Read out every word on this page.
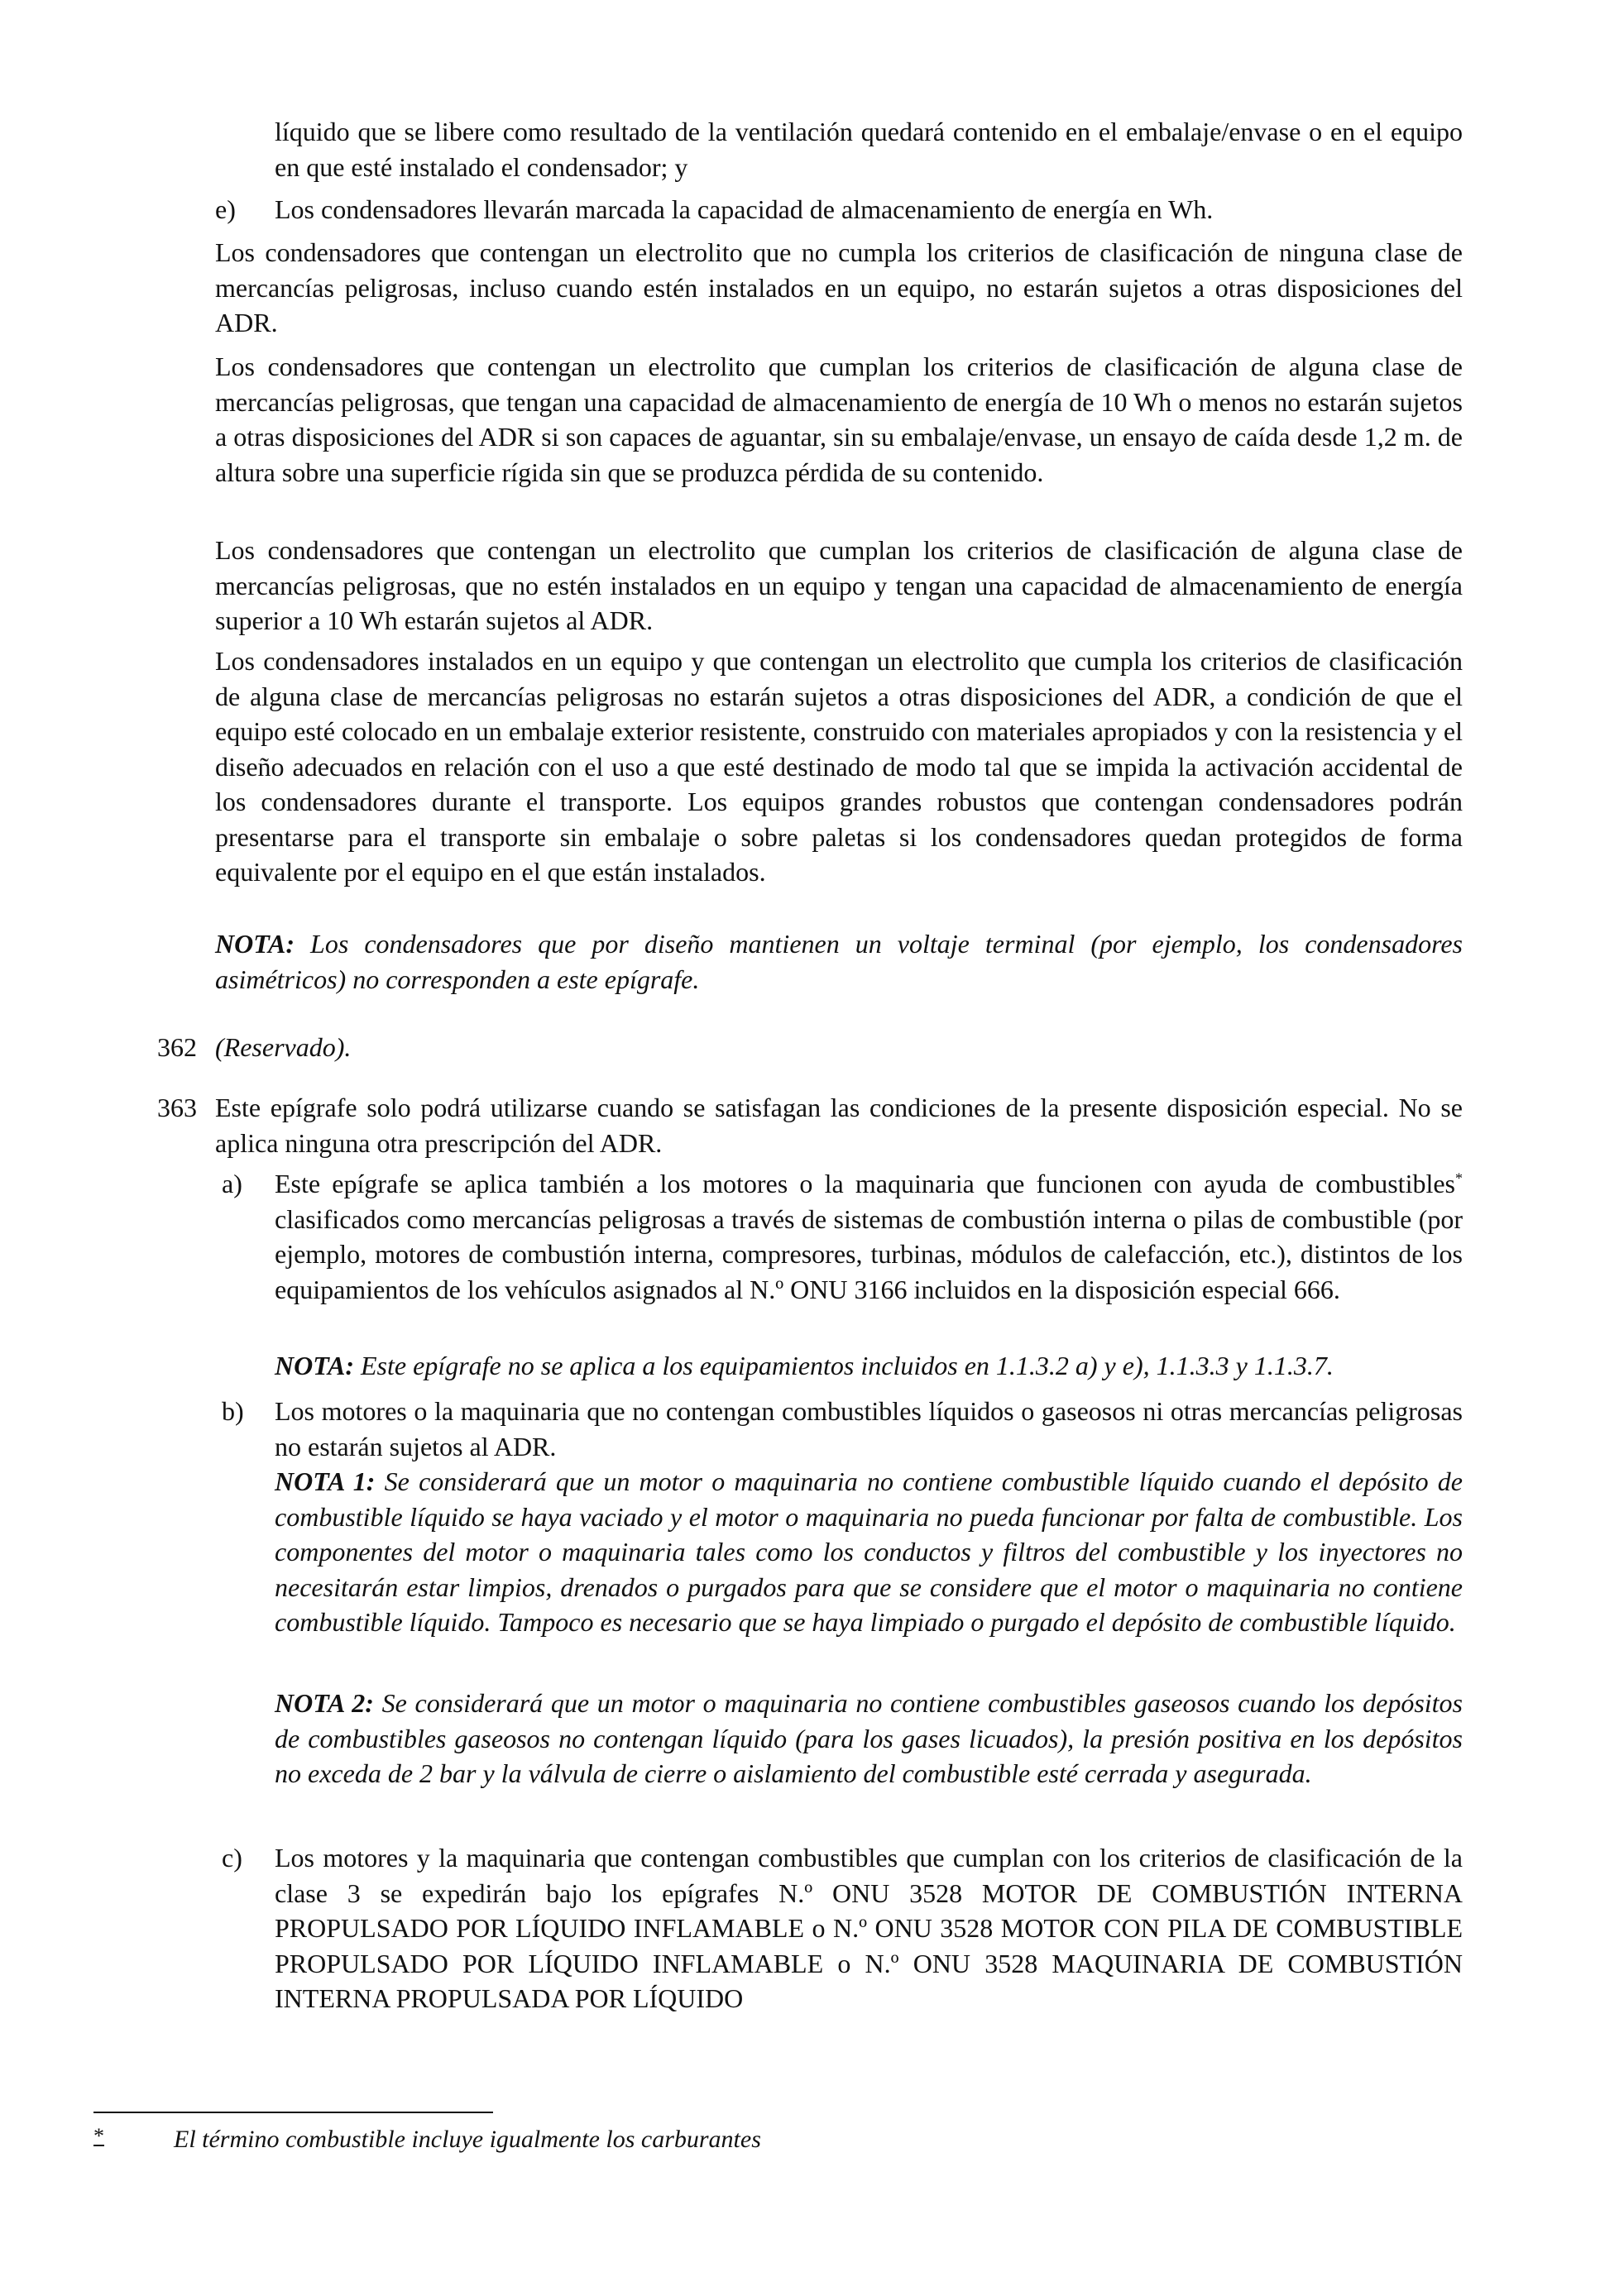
líquido que se libere como resultado de la ventilación quedará contenido en el embalaje/envase o en el equipo en que esté instalado el condensador; y

e) Los condensadores llevarán marcada la capacidad de almacenamiento de energía en Wh.

Los condensadores que contengan un electrolito que no cumpla los criterios de clasificación de ninguna clase de mercancías peligrosas, incluso cuando estén instalados en un equipo, no estarán sujetos a otras disposiciones del ADR.

Los condensadores que contengan un electrolito que cumplan los criterios de clasificación de alguna clase de mercancías peligrosas, que tengan una capacidad de almacenamiento de energía de 10 Wh o menos no estarán sujetos a otras disposiciones del ADR si son capaces de aguantar, sin su embalaje/envase, un ensayo de caída desde 1,2 m. de altura sobre una superficie rígida sin que se produzca pérdida de su contenido.

Los condensadores que contengan un electrolito que cumplan los criterios de clasificación de alguna clase de mercancías peligrosas, que no estén instalados en un equipo y tengan una capacidad de almacenamiento de energía superior a 10 Wh estarán sujetos al ADR.

Los condensadores instalados en un equipo y que contengan un electrolito que cumpla los criterios de clasificación de alguna clase de mercancías peligrosas no estarán sujetos a otras disposiciones del ADR, a condición de que el equipo esté colocado en un embalaje exterior resistente, construido con materiales apropiados y con la resistencia y el diseño adecuados en relación con el uso a que esté destinado de modo tal que se impida la activación accidental de los condensadores durante el transporte. Los equipos grandes robustos que contengan condensadores podrán presentarse para el transporte sin embalaje o sobre paletas si los condensadores quedan protegidos de forma equivalente por el equipo en el que están instalados.

NOTA: Los condensadores que por diseño mantienen un voltaje terminal (por ejemplo, los condensadores asimétricos) no corresponden a este epígrafe.

362 (Reservado).

363 Este epígrafe solo podrá utilizarse cuando se satisfagan las condiciones de la presente disposición especial. No se aplica ninguna otra prescripción del ADR.

a) Este epígrafe se aplica también a los motores o la maquinaria que funcionen con ayuda de combustibles* clasificados como mercancías peligrosas a través de sistemas de combustión interna o pilas de combustible (por ejemplo, motores de combustión interna, compresores, turbinas, módulos de calefacción, etc.), distintos de los equipamientos de los vehículos asignados al N.º ONU 3166 incluidos en la disposición especial 666.

NOTA: Este epígrafe no se aplica a los equipamientos incluidos en 1.1.3.2 a) y e), 1.1.3.3 y 1.1.3.7.

b) Los motores o la maquinaria que no contengan combustibles líquidos o gaseosos ni otras mercancías peligrosas no estarán sujetos al ADR.

NOTA 1: Se considerará que un motor o maquinaria no contiene combustible líquido cuando el depósito de combustible líquido se haya vaciado y el motor o maquinaria no pueda funcionar por falta de combustible. Los componentes del motor o maquinaria tales como los conductos y filtros del combustible y los inyectores no necesitarán estar limpios, drenados o purgados para que se considere que el motor o maquinaria no contiene combustible líquido. Tampoco es necesario que se haya limpiado o purgado el depósito de combustible líquido.

NOTA 2: Se considerará que un motor o maquinaria no contiene combustibles gaseosos cuando los depósitos de combustibles gaseosos no contengan líquido (para los gases licuados), la presión positiva en los depósitos no exceda de 2 bar y la válvula de cierre o aislamiento del combustible esté cerrada y asegurada.

c) Los motores y la maquinaria que contengan combustibles que cumplan con los criterios de clasificación de la clase 3 se expedirán bajo los epígrafes N.º ONU 3528 MOTOR DE COMBUSTIÓN INTERNA PROPULSADO POR LÍQUIDO INFLAMABLE o N.º ONU 3528 MOTOR CON PILA DE COMBUSTIBLE PROPULSADO POR LÍQUIDO INFLAMABLE o N.º ONU 3528 MAQUINARIA DE COMBUSTIÓN INTERNA PROPULSADA POR LÍQUIDO

*	El término combustible incluye igualmente los carburantes
